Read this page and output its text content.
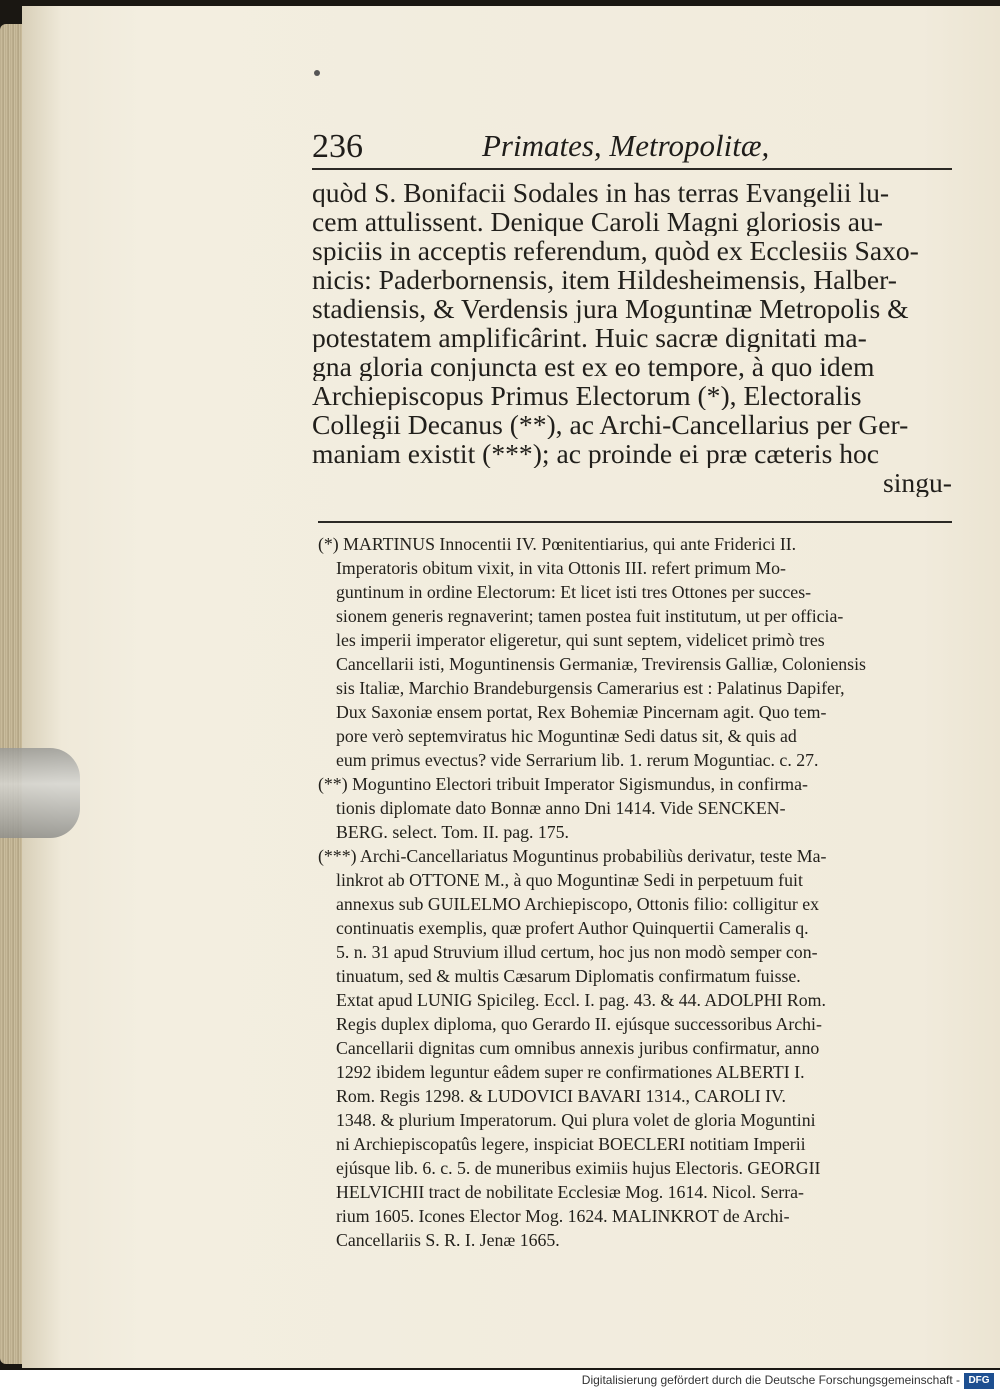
236	Primates, Metropolitæ,
quòd S. Bonifacii Sodales in has terras Evangelii lu-
cem attulissent. Denique Caroli Magni gloriosis au-
spiciis in acceptis referendum, quòd ex Ecclesiis Saxo-
nicis: Paderbornensis, item Hildesheimensis, Halber-
stadiensis, & Verdensis jura Moguntinæ Metropolis &
potestatem amplificârint. Huic sacræ dignitati ma-
gna gloria conjuncta est ex eo tempore, à quo idem
Archiepiscopus Primus Electorum (*), Electoralis
Collegii Decanus (**), ac Archi-Cancellarius per Ger-
maniam existit (***); ac proinde ei præ cæteris hoc
singu-
(*) MARTINUS Innocentii IV. Pœnitentiarius, qui ante Friderici II.
Imperatoris obitum vixit, in vita Ottonis III. refert primum Mo-
guntinum in ordine Electorum: Et licet isti tres Ottones per succes-
sionem generis regnaverint; tamen postea fuit institutum, ut per officia-
les imperii imperator eligeretur, qui sunt septem, videlicet primò tres
Cancellarii isti, Moguntinensis Germaniæ, Trevirensis Galliæ, Coloniensis
sis Italiæ, Marchio Brandeburgensis Camerarius est : Palatinus Dapifer,
Dux Saxoniæ ensem portat, Rex Bohemiæ Pincernam agit. Quo tem-
pore verò septemviratus hic Moguntinæ Sedi datus sit, & quis ad
eum primus evectus? vide Serrarium lib. 1. rerum Moguntiac. c. 27.
(**) Moguntino Electori tribuit Imperator Sigismundus, in confirma-
tionis diplomate dato Bonnæ anno Dni 1414. Vide SENCKEN-
BERG. select. Tom. II. pag. 175.
(***) Archi-Cancellariatus Moguntinus probabiliùs derivatur, teste Ma-
linkrot ab OTTONE M., à quo Moguntinæ Sedi in perpetuum fuit
annexus sub GUILELMO Archiepiscopo, Ottonis filio: colligitur ex
continuatis exemplis, quæ profert Author Quinquertii Cameralis q.
5. n. 31 apud Struvium illud certum, hoc jus non modò semper con-
tinuatum, sed & multis Cæsarum Diplomatis confirmatum fuisse.
Extat apud LUNIG Spicileg. Eccl. I. pag. 43. & 44. ADOLPHI Rom.
Regis duplex diploma, quo Gerardo II. ejúsque successoribus Archi-
Cancellarii dignitas cum omnibus annexis juribus confirmatur, anno
1292 ibidem leguntur eâdem super re confirmationes ALBERTI I.
Rom. Regis 1298. & LUDOVICI BAVARI 1314., CAROLI IV.
1348. & plurium Imperatorum. Qui plura volet de gloria Moguntini
ni Archiepiscopatûs legere, inspiciat BOECLERI notitiam Imperii
ejúsque lib. 6. c. 5. de muneribus eximiis hujus Electoris. GEORGII
HELVICHII tract de nobilitate Ecclesiæ Mog. 1614. Nicol. Serra-
rium 1605. Icones Elector Mog. 1624. MALINKROT de Archi-
Cancellariis S. R. I. Jenæ 1665.
Digitalisierung gefördert durch die Deutsche Forschungsgemeinschaft - DFG
